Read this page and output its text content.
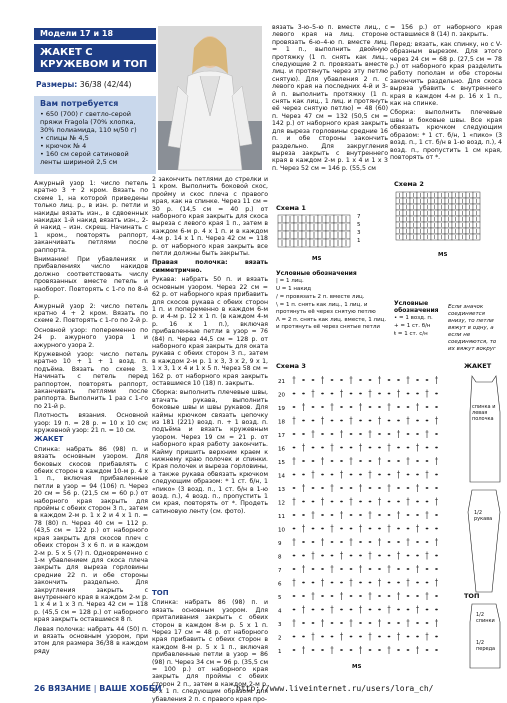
Модели 17 и 18
ЖАКЕТ С КРУЖЕВОМ И ТОП
Размеры: 36/38 (42/44)
Вам потребуется
• 650 (700) г светло-серой пряжи Fragola (70% хлопка, 30% полиамида, 110 м/50 г)
• спицы № 4,5
• крючок № 4
• 160 см серой сатиновой ленты шириной 2,5 см

Ажурный узор 1: число петель кратно 3 + 2 кром. Вязать по схеме 1, на которой приведены только лиц. р., в изн. р. петли и накиды вязать изн., в сдвоенных накидах 1-й накид вязать изн., 2-й накид – изн. скрещ. Начинать с 1 кром., повторять раппорт, заканчивать петлями после раппорта.

Внимание! При убавлениях и прибавлениях число накидов должно соответствовать числу провязанных вместе петель и наоборот. Повторять с 1-го по 8-й р.

Ажурный узор 2: число петель кратно 4 + 2 кром. Вязать по схеме 2. Повторять с 1-го по 2-й р.

Основной узор: попеременно по 24 р. ажурного узора 1 и ажурного узора 2.

Кружевной узор: число петель кратно 10 + 1 + 1 возд. п. подъёма. Вязать по схеме 3. Начинать с петель перед раппортом, повторять раппорт, заканчивать петлями после раппорта. Выполнить 1 раз с 1-го по 21-й р.

Плотность вязания. Основной узор: 19 п. = 28 р. = 10 х 10 см; кружевной узор: 21 п. = 10 см.

ЖАКЕТ

Спинка: набрать 86 (98) п. и вязать основным узором. Для боковых скосов прибавлять с обеих сторон в каждом 10-м р. 4 х 1 п., включая прибавленные петли в узор = 94 (106) п. Через 20 см = 56 р. (21,5 см = 60 р.) от наборного края закрыть для проймы с обеих сторон 3 п., затем в каждом 2-м р. 1 х 2 и 4 х 1 п. = 78 (80) п. Через 40 см = 112 р. (43,5 см = 122 р.) от наборного края закрыть для скосов плеч с обеих сторон 3 х 6 п. и в каждом 2-м р. 5 х 5 (7) п. Одновременно с 1-м убавлением для скоса плеча закрыть для выреза горловины средние 22 п. и обе стороны закончить раздельно. Для закругления закрыть с внутреннего края в каждом 2-м р. 1 х 4 и 1 х 3 п. Через 42 см = 118 р. (45,5 см = 128 р.) от наборного края закрыть оставшиеся 8 п.

Левая полочка: набрать 44 (50) п. и вязать основным узором, при этом для размера 36/38 в каждом ряду

2 закончить петлями до стрелки и 1 кром. Выполнить боковой скос, пройму и скос плеча с правого края, как на спинке. Через 11 см = 30 р. (14,5 см = 40 р.) от наборного края закрыть для скоса выреза с левого края 1 п., затем в каждом 6-м р. 4 х 1 п. и в каждом 4-м р. 14 х 1 п. Через 42 см = 118 р. от наборного края закрыть все петли должны быть закрыты.

Правая полочка: вязать симметрично.

Рукава: набрать 50 п. и вязать основным узором. Через 22 см = 62 р. от наборного края прибавить для скосов рукава с обеих сторон 1 п. и попеременно в каждом 6-м р. и 4-м р. 12 х 1 п. (в каждом 4-м р. 16 х 1 п.), включая прибавленные петли в узор = 76 (84) п. Через 44,5 см = 128 р. от наборного края закрыть для оката рукава с обеих сторон 3 п., затем в каждом 2-м р. 1 х 3, 3 х 2, 9 х 1, 1 х 3, 1 х 4 и 1 х 5 п. Через 58 см = 162 р. от наборного края закрыть оставшиеся 10 (18) п. закрыть.

Сборка: выполнить плечевые швы, втачать рукава, выполнить боковые швы и швы рукавов. Для каймы крючком связать цепочку из 181 (221) возд. п. + 1 возд. п. подъёма и вязать кружевным узором. Через 19 см = 21 р. от наборного края работу закончить. Кайму пришить верхним краем к нижнему краю полочек и спинки. Края полочек и выреза горловины, а также рукава обвязать крючком следующим образом: * 1 ст. б/н, 1 «пико» (3 возд. п., 1 ст. б/н в 1-ю возд. п.), 4 возд. п., пропустить 1 см края, повторять от *. Продеть сатиновую ленту (см. фото).

ТОП

Спинка: набрать 86 (98) п. и вязать основным узором. Для приталивания закрыть с обеих сторон в каждом 8-м р. 5 х 1 п. Через 17 см = 48 р. от наборного края прибавить с обеих сторон в каждом 8-м р. 5 х 1 п., включая прибавленные петли в узор = 86 (98) п. Через 34 см = 96 р. (35,5 см = 100 р.) от наборного края закрыть для проймы с обеих сторон 2 п., затем в каждом 2-м р. 6 х 1 п. следующим образом: для убавления 2 п. с правого края про-

вязать 3-ю–5-ю п. вместе лиц., с левого края на лиц. стороне провязать 6-ю–4-ю п. вместе лиц. = 1 п., выполнить двойную протяжку (1 п. снять как лиц., следующие 2 п. провязать вместе лиц. и протянуть через эту петлю снятую). Для убавления 2 п. с левого края на последних 4-й и 3-й п. выполнить протяжку (1 п. снять как лиц., 1 лиц. и протянуть её через снятую петлю) = 48 (60) п. Через 47 см = 132 (50,5 см = 142 р.) от наборного края закрыть для выреза горловины средние 16 п. и обе стороны закончить раздельно. Для закругления выреза закрыть с внутреннего края в каждом 2-м р. 1 х 4 и 1 х 3 п. Через 52 см = 146 р. (55,5 см

= 156 р.) от наборного края оставшиеся 8 (14) п. закрыть.

Перед: вязать, как спинку, но с V-образным вырезом. Для этого через 24 см = 68 р. (27,5 см = 78 р.) от наборного края разделить работу пополам и обе стороны закончить раздельно. Для скоса выреза убавить с внутреннего края в каждом 4-м р. 16 х 1 п., как на спинке.

Сборка: выполнить плечевые швы и боковые швы. Все края обвязать крючком следующим образом: * 1 ст. б/н, 1 «пико» (3 возд. п., 1 ст. б/н в 1-ю возд. п.), 4 возд. п., пропустить 1 см края, повторять от *.

Схема 1
7
5
3
1
MS
Условные обозначения
| = 1 лиц.
U = 1 накид
/ = провязать 2 п. вместе лиц.
\ = 1 п. снять как лиц., 1 лиц. и протянуть её через снятую петлю
Λ = 2 п. снять как лиц. вместе, 1 лиц. и протянуть её через снятые петли
Схема 2
MS
Условные обозначения
• = 1 возд. п.
+ = 1 ст. б/н
ŧ = 1 ст. с/н
Если значок соединяется внизу, то петли вяжут в одну, а если не соединяются, то их вяжут вокруг
Схема 3
21
20
19
18
17
16
15
14
13
12
11
10
9
8
7
6
5
4
3
2
1
MS
ЖАКЕТ
ТОП
спинка и левая полочка
1/2 рукава
1/2 спинки
1/2 переда
26 ВЯЗАНИЕ | ВАШЕ ХОББИ	http://www.liveinternet.ru/users/lora_ch/
